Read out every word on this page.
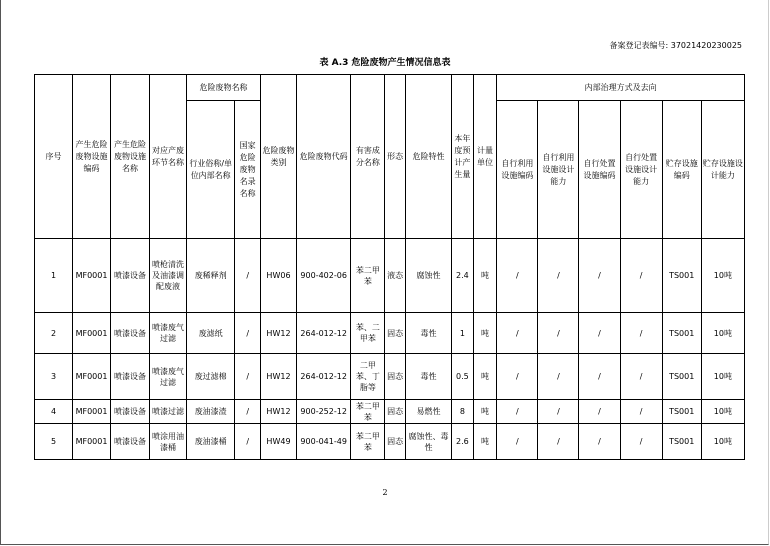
备案登记表编号: 37021420230025
表 A.3 危险废物产生情况信息表
序号	产生危险废物设施编码	产生危险废物设施名称	对应产废环节名称	危险废物名称		危险废物类别	危险废物代码	有害成分名称	形态	危险特性	本年度预计产生量	计量单位	内部治理方式及去向					
				行业俗称/单位内部名称	国家危险废物名录名称								自行利用设施编码	自行利用设施设计能力	自行处置设施编码	自行处置设施设计能力	贮存设施编码	贮存设施设计能力
1	MF0001	喷漆设备	喷枪清洗及油漆调配废液	废稀释剂	/	HW06	900-402-06	苯二甲苯	液态	腐蚀性	2.4	吨	/	/	/	/	TS001	10吨
2	MF0001	喷漆设备	喷漆废气过滤	废滤纸	/	HW12	264-012-12	苯、二甲苯	固态	毒性	1	吨	/	/	/	/	TS001	10吨
3	MF0001	喷漆设备	喷漆废气过滤	废过滤棉	/	HW12	264-012-12	二甲苯、丁脂等	固态	毒性	0.5	吨	/	/	/	/	TS001	10吨
4	MF0001	喷漆设备	喷漆过滤	废油漆渣	/	HW12	900-252-12	苯二甲苯	固态	易燃性	8	吨	/	/	/	/	TS001	10吨
5	MF0001	喷漆设备	喷涂用油漆桶	废油漆桶	/	HW49	900-041-49	苯二甲苯	固态	腐蚀性、毒性	2.6	吨	/	/	/	/	TS001	10吨
2
